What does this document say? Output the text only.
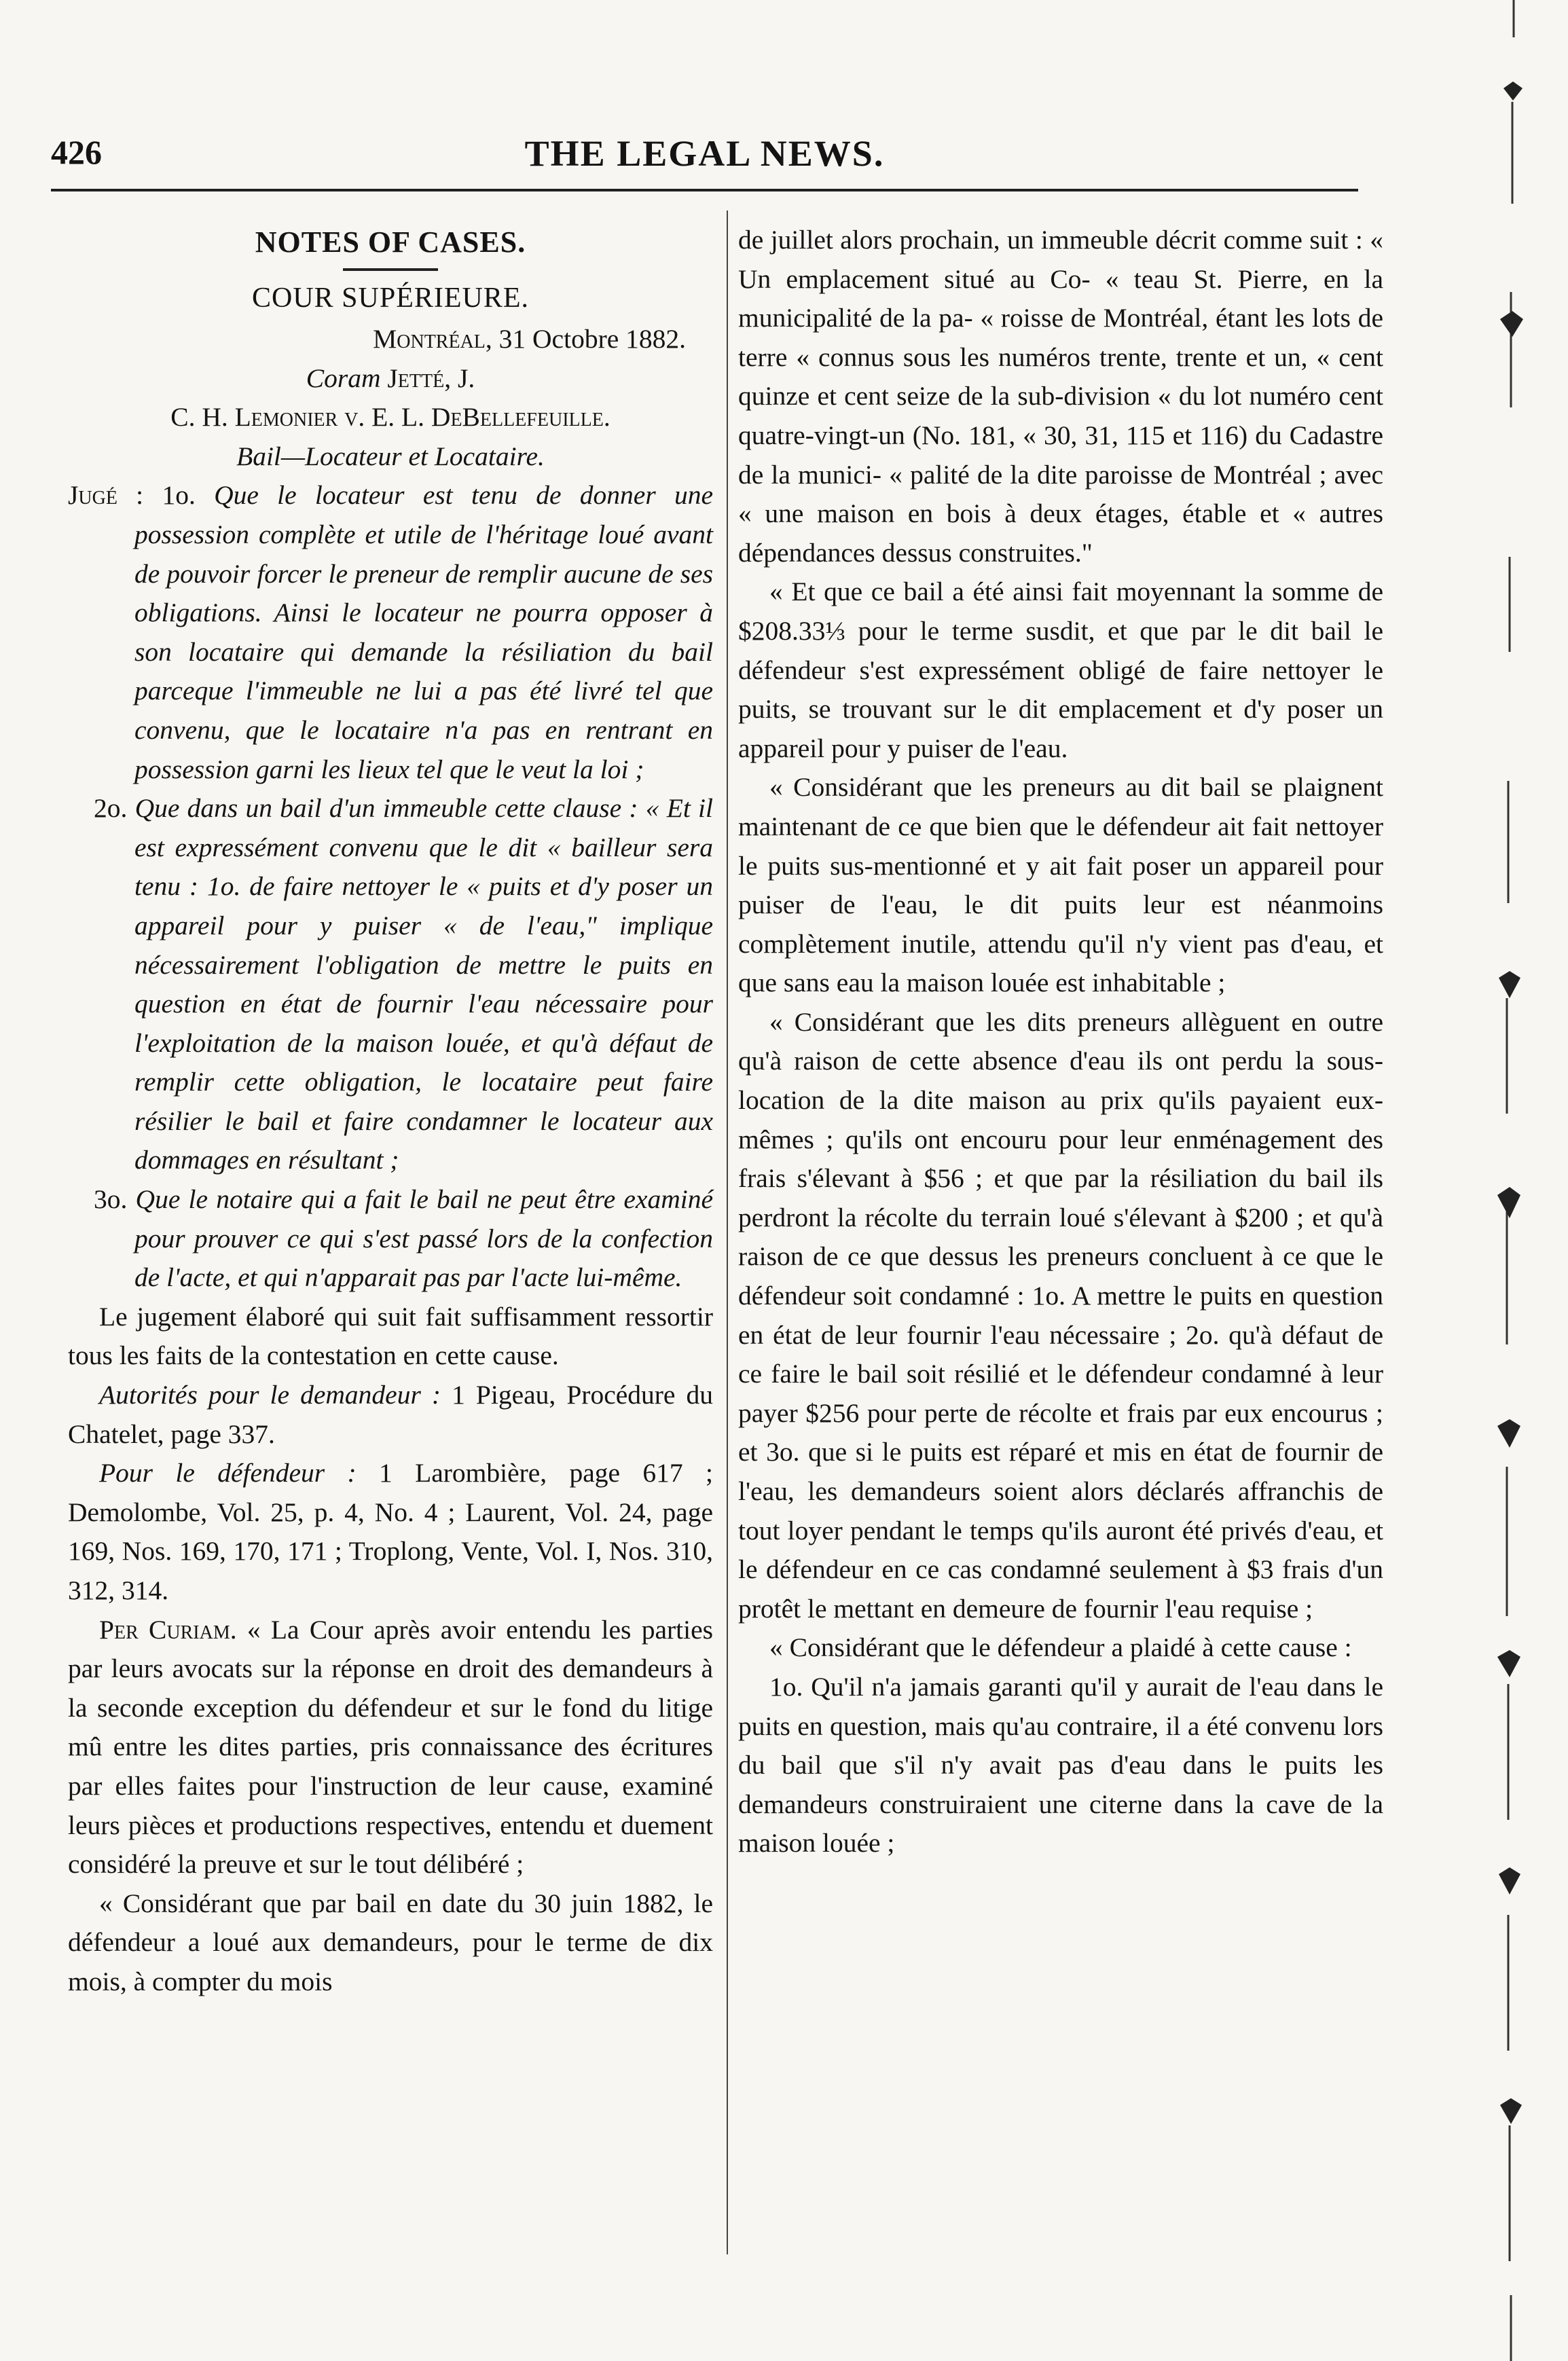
426	THE LEGAL NEWS.

NOTES OF CASES.

COUR SUPÉRIEURE.

Montréal, 31 Octobre 1882.

Coram Jetté, J.

C. H. Lemonier v. E. L. DeBellefeuille.

Bail—Locateur et Locataire.

Jugé : 1o. Que le locateur est tenu de donner une possession complète et utile de l'héritage loué avant de pouvoir forcer le preneur de remplir aucune de ses obligations. Ainsi le locateur ne pourra opposer à son locataire qui demande la résiliation du bail parceque l'immeuble ne lui a pas été livré tel que convenu, que le locataire n'a pas en rentrant en possession garni les lieux tel que le veut la loi ;

2o. Que dans un bail d'un immeuble cette clause : « Et il est expressément convenu que le dit « bailleur sera tenu : 1o. de faire nettoyer le « puits et d'y poser un appareil pour y puiser « de l'eau," implique nécessairement l'obligation de mettre le puits en question en état de fournir l'eau nécessaire pour l'exploitation de la maison louée, et qu'à défaut de remplir cette obligation, le locataire peut faire résilier le bail et faire condamner le locateur aux dommages en résultant ;

3o. Que le notaire qui a fait le bail ne peut être examiné pour prouver ce qui s'est passé lors de la confection de l'acte, et qui n'apparait pas par l'acte lui-même.

Le jugement élaboré qui suit fait suffisamment ressortir tous les faits de la contestation en cette cause.

Autorités pour le demandeur : 1 Pigeau, Procédure du Chatelet, page 337.

Pour le défendeur : 1 Larombière, page 617 ; Demolombe, Vol. 25, p. 4, No. 4 ; Laurent, Vol. 24, page 169, Nos. 169, 170, 171 ; Troplong, Vente, Vol. I, Nos. 310, 312, 314.

Per Curiam. « La Cour après avoir entendu les parties par leurs avocats sur la réponse en droit des demandeurs à la seconde exception du défendeur et sur le fond du litige mû entre les dites parties, pris connaissance des écritures par elles faites pour l'instruction de leur cause, examiné leurs pièces et productions respectives, entendu et duement considéré la preuve et sur le tout délibéré ;

« Considérant que par bail en date du 30 juin 1882, le défendeur a loué aux demandeurs, pour le terme de dix mois, à compter du mois

de juillet alors prochain, un immeuble décrit comme suit : « Un emplacement situé au Co- « teau St. Pierre, en la municipalité de la pa- « roisse de Montréal, étant les lots de terre « connus sous les numéros trente, trente et un, « cent quinze et cent seize de la sub-division « du lot numéro cent quatre-vingt-un (No. 181, « 30, 31, 115 et 116) du Cadastre de la munici- « palité de la dite paroisse de Montréal ; avec « une maison en bois à deux étages, étable et « autres dépendances dessus construites."

« Et que ce bail a été ainsi fait moyennant la somme de $208.33⅓ pour le terme susdit, et que par le dit bail le défendeur s'est expressément obligé de faire nettoyer le puits, se trouvant sur le dit emplacement et d'y poser un appareil pour y puiser de l'eau.

« Considérant que les preneurs au dit bail se plaignent maintenant de ce que bien que le défendeur ait fait nettoyer le puits sus-mentionné et y ait fait poser un appareil pour puiser de l'eau, le dit puits leur est néanmoins complètement inutile, attendu qu'il n'y vient pas d'eau, et que sans eau la maison louée est inhabitable ;

« Considérant que les dits preneurs allèguent en outre qu'à raison de cette absence d'eau ils ont perdu la sous-location de la dite maison au prix qu'ils payaient eux-mêmes ; qu'ils ont encouru pour leur enménagement des frais s'élevant à $56 ; et que par la résiliation du bail ils perdront la récolte du terrain loué s'élevant à $200 ; et qu'à raison de ce que dessus les preneurs concluent à ce que le défendeur soit condamné : 1o. A mettre le puits en question en état de leur fournir l'eau nécessaire ; 2o. qu'à défaut de ce faire le bail soit résilié et le défendeur condamné à leur payer $256 pour perte de récolte et frais par eux encourus ; et 3o. que si le puits est réparé et mis en état de fournir de l'eau, les demandeurs soient alors déclarés affranchis de tout loyer pendant le temps qu'ils auront été privés d'eau, et le défendeur en ce cas condamné seulement à $3 frais d'un protêt le mettant en demeure de fournir l'eau requise ;

« Considérant que le défendeur a plaidé à cette cause :

1o. Qu'il n'a jamais garanti qu'il y aurait de l'eau dans le puits en question, mais qu'au contraire, il a été convenu lors du bail que s'il n'y avait pas d'eau dans le puits les demandeurs construiraient une citerne dans la cave de la maison louée ;
